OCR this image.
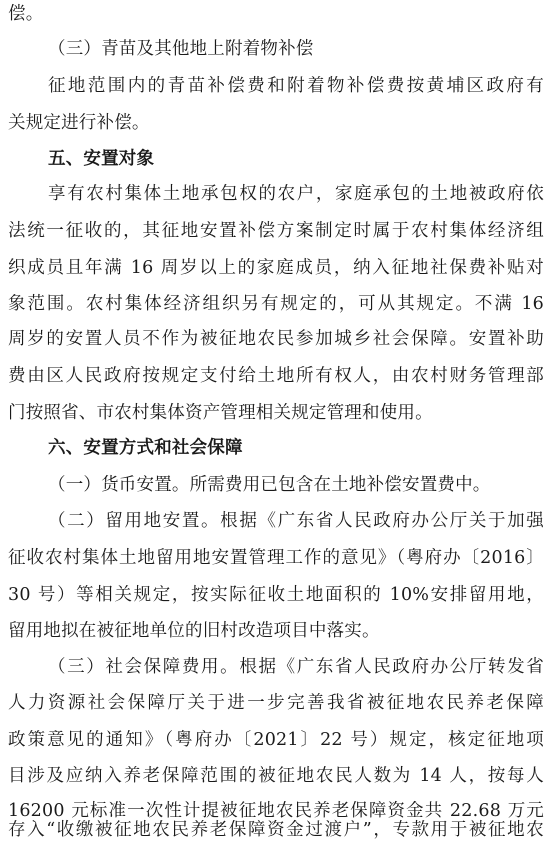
偿。
（三）青苗及其他地上附着物补偿
征地范围内的青苗补偿费和附着物补偿费按黄埔区政府有
关规定进行补偿。
五、安置对象
享有农村集体土地承包权的农户，家庭承包的土地被政府依
法统一征收的，其征地安置补偿方案制定时属于农村集体经济组
织成员且年满 16 周岁以上的家庭成员，纳入征地社保费补贴对
象范围。农村集体经济组织另有规定的，可从其规定。不满 16
周岁的安置人员不作为被征地农民参加城乡社会保障。安置补助
费由区人民政府按规定支付给土地所有权人，由农村财务管理部
门按照省、市农村集体资产管理相关规定管理和使用。
六、安置方式和社会保障
（一）货币安置。所需费用已包含在土地补偿安置费中。
（二）留用地安置。根据《广东省人民政府办公厅关于加强
征收农村集体土地留用地安置管理工作的意见》（粤府办〔2016〕
30 号）等相关规定，按实际征收土地面积的 10%安排留用地，
留用地拟在被征地单位的旧村改造项目中落实。
（三）社会保障费用。根据《广东省人民政府办公厅转发省
人力资源社会保障厅关于进一步完善我省被征地农民养老保障
政策意见的通知》（粤府办〔2021〕22 号）规定，核定征地项
目涉及应纳入养老保障范围的被征地农民人数为 14 人，按每人
16200 元标准一次性计提被征地农民养老保障资金共 22.68 万元
存入“收缴被征地农民养老保障资金过渡户”，专款用于被征地农
